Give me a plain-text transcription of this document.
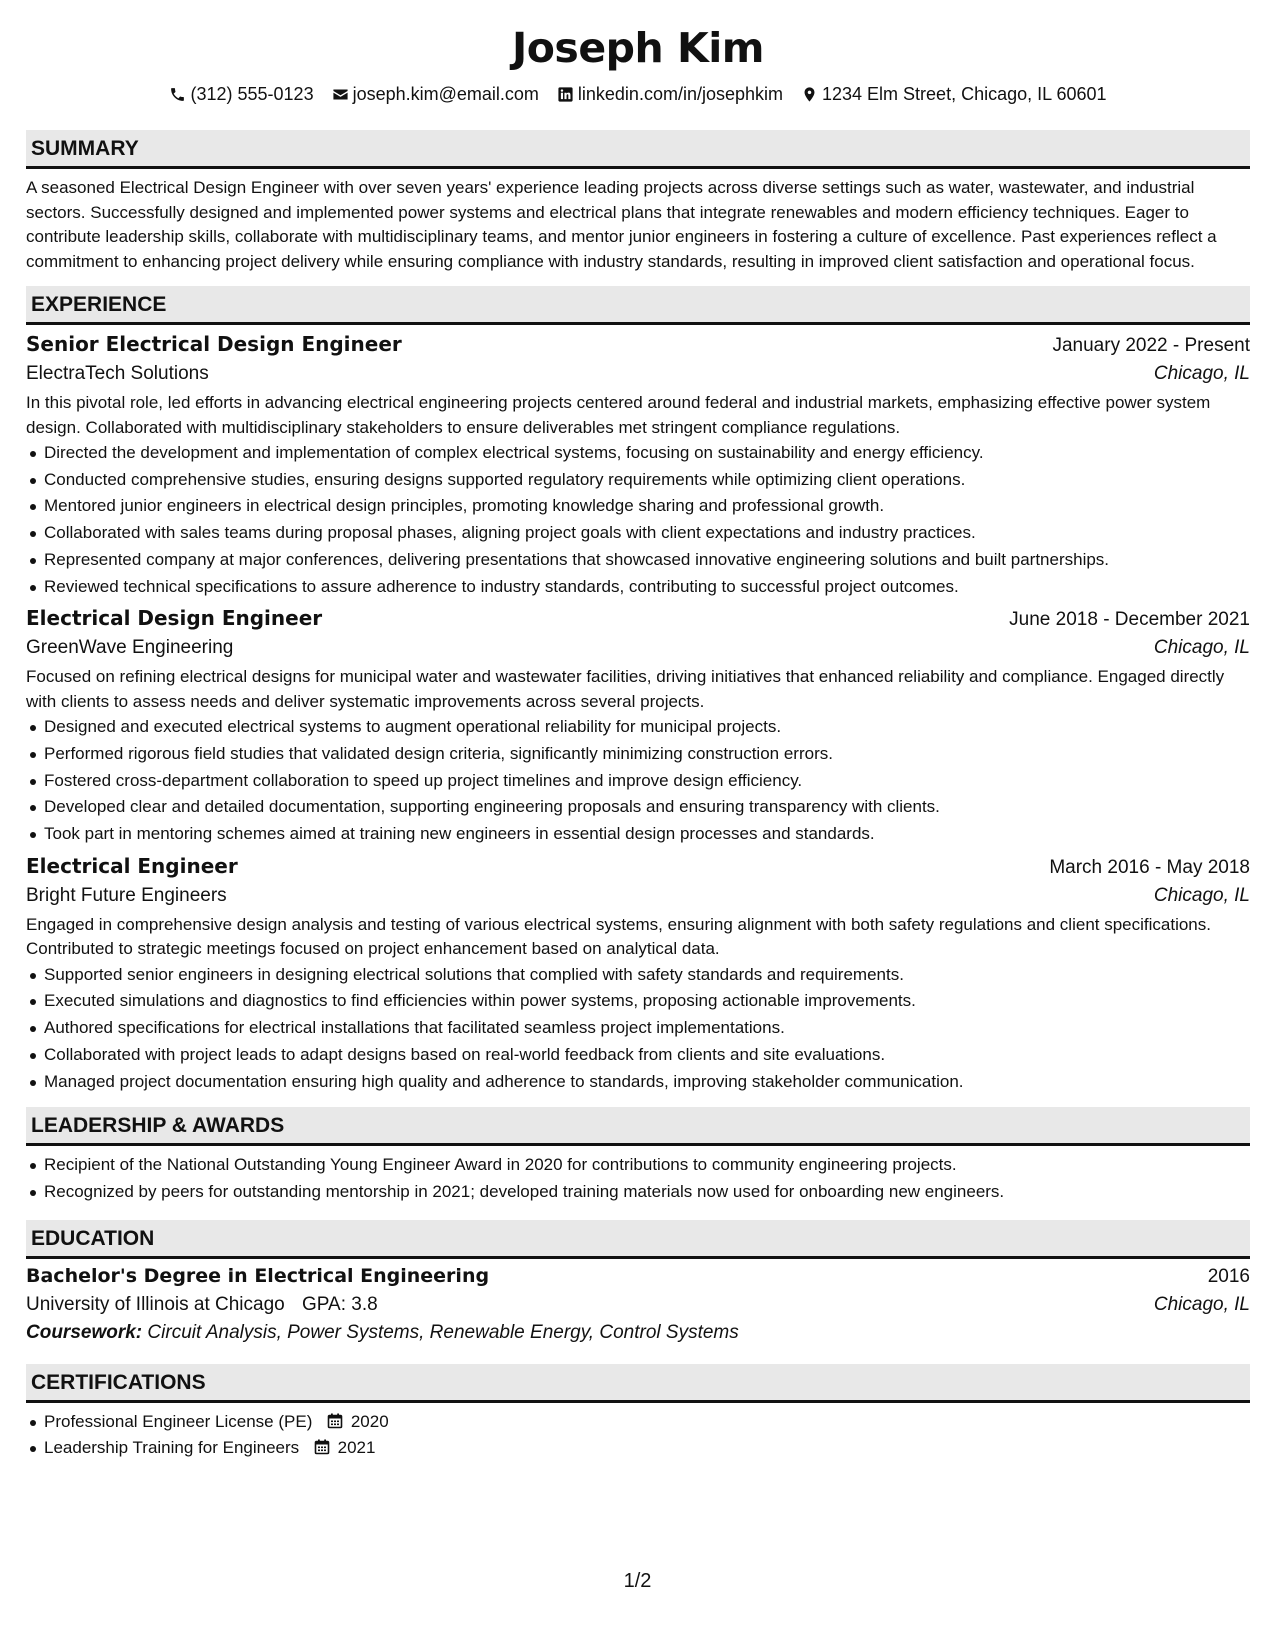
Joseph Kim
(312) 555-0123 joseph.kim@email.com linkedin.com/in/josephkim 1234 Elm Street, Chicago, IL 60601
SUMMARY
A seasoned Electrical Design Engineer with over seven years' experience leading projects across diverse settings such as water, wastewater, and industrial sectors. Successfully designed and implemented power systems and electrical plans that integrate renewables and modern efficiency techniques. Eager to contribute leadership skills, collaborate with multidisciplinary teams, and mentor junior engineers in fostering a culture of excellence. Past experiences reflect a commitment to enhancing project delivery while ensuring compliance with industry standards, resulting in improved client satisfaction and operational focus.
EXPERIENCE
Senior Electrical Design Engineer	January 2022 - Present
ElectraTech Solutions	Chicago, IL
In this pivotal role, led efforts in advancing electrical engineering projects centered around federal and industrial markets, emphasizing effective power system design. Collaborated with multidisciplinary stakeholders to ensure deliverables met stringent compliance regulations.
Directed the development and implementation of complex electrical systems, focusing on sustainability and energy efficiency.
Conducted comprehensive studies, ensuring designs supported regulatory requirements while optimizing client operations.
Mentored junior engineers in electrical design principles, promoting knowledge sharing and professional growth.
Collaborated with sales teams during proposal phases, aligning project goals with client expectations and industry practices.
Represented company at major conferences, delivering presentations that showcased innovative engineering solutions and built partnerships.
Reviewed technical specifications to assure adherence to industry standards, contributing to successful project outcomes.
Electrical Design Engineer	June 2018 - December 2021
GreenWave Engineering	Chicago, IL
Focused on refining electrical designs for municipal water and wastewater facilities, driving initiatives that enhanced reliability and compliance. Engaged directly with clients to assess needs and deliver systematic improvements across several projects.
Designed and executed electrical systems to augment operational reliability for municipal projects.
Performed rigorous field studies that validated design criteria, significantly minimizing construction errors.
Fostered cross-department collaboration to speed up project timelines and improve design efficiency.
Developed clear and detailed documentation, supporting engineering proposals and ensuring transparency with clients.
Took part in mentoring schemes aimed at training new engineers in essential design processes and standards.
Electrical Engineer	March 2016 - May 2018
Bright Future Engineers	Chicago, IL
Engaged in comprehensive design analysis and testing of various electrical systems, ensuring alignment with both safety regulations and client specifications. Contributed to strategic meetings focused on project enhancement based on analytical data.
Supported senior engineers in designing electrical solutions that complied with safety standards and requirements.
Executed simulations and diagnostics to find efficiencies within power systems, proposing actionable improvements.
Authored specifications for electrical installations that facilitated seamless project implementations.
Collaborated with project leads to adapt designs based on real-world feedback from clients and site evaluations.
Managed project documentation ensuring high quality and adherence to standards, improving stakeholder communication.
LEADERSHIP & AWARDS
Recipient of the National Outstanding Young Engineer Award in 2020 for contributions to community engineering projects.
Recognized by peers for outstanding mentorship in 2021; developed training materials now used for onboarding new engineers.
EDUCATION
Bachelor's Degree in Electrical Engineering	2016
University of Illinois at Chicago GPA: 3.8	Chicago, IL
Coursework: Circuit Analysis, Power Systems, Renewable Energy, Control Systems
CERTIFICATIONS
Professional Engineer License (PE) 2020
Leadership Training for Engineers 2021
1/2
